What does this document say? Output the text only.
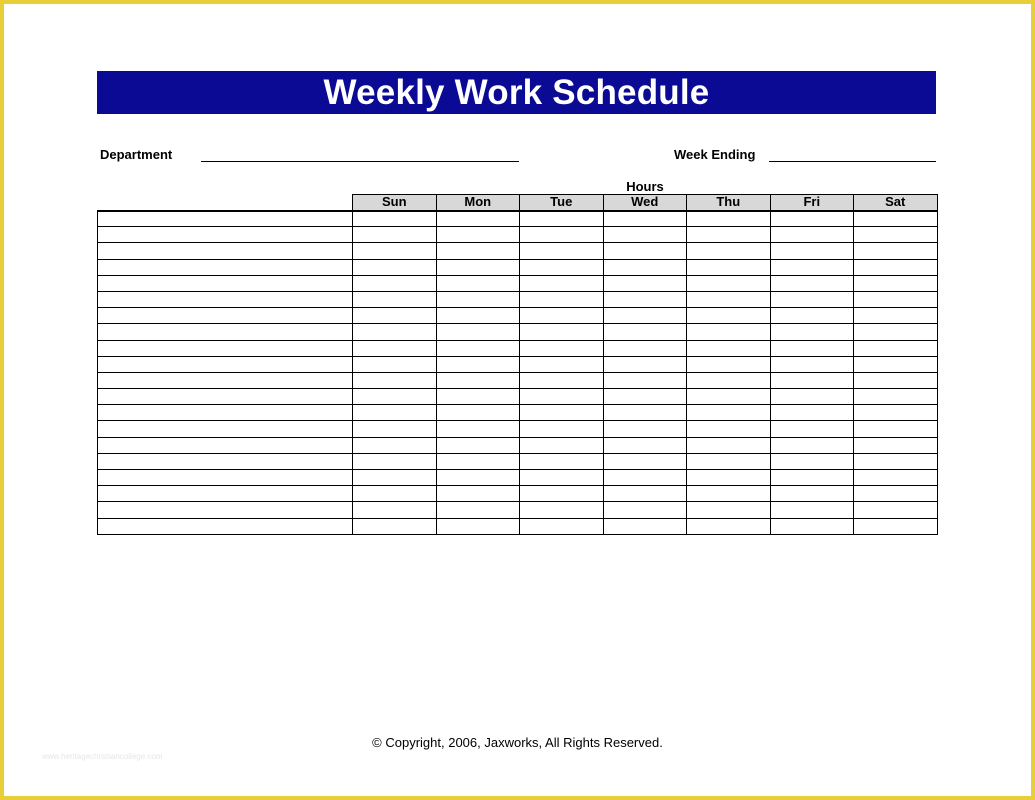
Weekly Work Schedule
Department	Week Ending
Hours
	Sun	Mon	Tue	Wed	Thu	Fri	Sat

© Copyright, 2006, Jaxworks, All Rights Reserved.
www.heritagechristiancollege.com
